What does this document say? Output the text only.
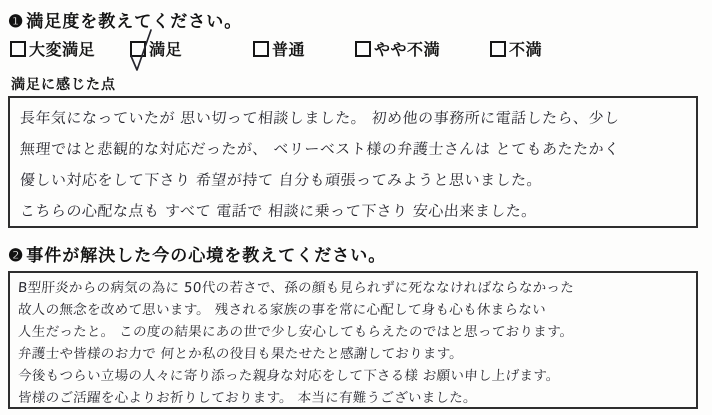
❶ 満足度を教えてください。
大変満足	満足	普通	やや不満	不満
満足に感じた点
長年気になっていたが 思い切って相談しました。 初め他の事務所に電話したら、少し
無理ではと悲観的な対応だったが、 ベリーベスト様の弁護士さんは とてもあたたかく
優しい対応をして下さり 希望が持て 自分も頑張ってみようと思いました。
こちらの心配な点も すべて 電話で 相談に乗って下さり 安心出来ました。
❷ 事件が解決した今の心境を教えてください。
B型肝炎からの病気の為に 50代の若さで、孫の顔も見られずに死ななければならなかった
故人の無念を改めて思います。 残される家族の事を常に心配して身も心も休まらない
人生だったと。 この度の結果にあの世で少し安心してもらえたのではと思っております。
弁護士や皆様のお力で 何とか私の役目も果たせたと感謝しております。
今後もつらい立場の人々に寄り添った親身な対応をして下さる様 お願い申し上げます。
皆様のご活躍を心よりお祈りしております。 本当に有難うございました。
